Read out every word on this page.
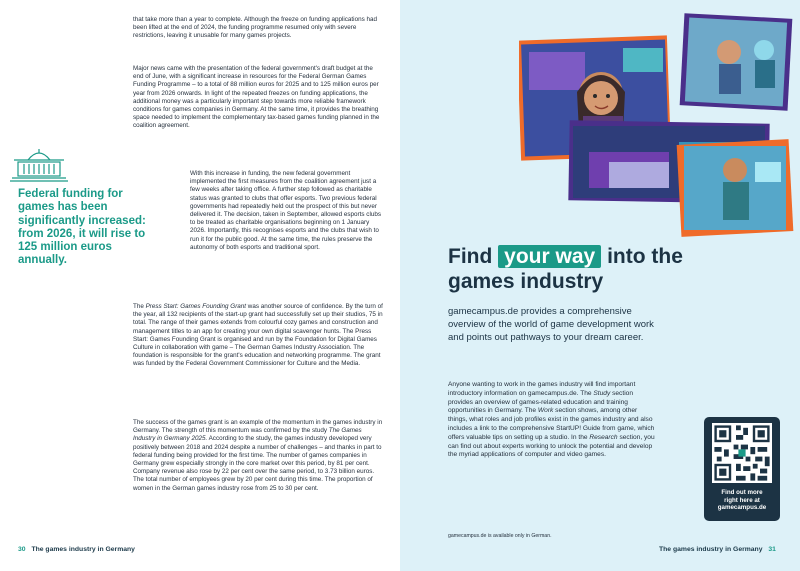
that take more than a year to complete. Although the freeze on funding applications had been lifted at the end of 2024, the funding programme resumed only with severe restrictions, leaving it unusable for many games projects.

Major news came with the presentation of the federal government's draft budget at the end of June, with a significant increase in resources for the Federal German Games Funding Programme – to a total of 88 million euros for 2025 and to 125 million euros per year from 2026 onwards. In light of the repeated freezes on funding applications, the additional money was a particularly important step towards more reliable framework conditions for games companies in Germany. At the same time, it provides the breathing space needed to implement the complementary tax-based games funding planned in the coalition agreement.

Federal funding for games has been significantly increased: from 2026, it will rise to 125 million euros annually.

With this increase in funding, the new federal government implemented the first measures from the coalition agreement just a few weeks after taking office. A further step followed as charitable status was granted to clubs that offer esports. Two previous federal governments had repeatedly held out the prospect of this but never delivered it. The decision, taken in September, allowed esports clubs to be treated as charitable organisations beginning on 1 January 2026. Importantly, this recognises esports and the clubs that wish to run it for the public good. At the same time, the rules preserve the autonomy of both esports and traditional sport.

The Press Start: Games Founding Grant was another source of confidence. By the turn of the year, all 132 recipients of the start-up grant had successfully set up their studios, 75 in total. The range of their games extends from colourful cozy games and construction and management titles to an app for creating your own digital scavenger hunts. The Press Start: Games Founding Grant is organised and run by the Foundation for Digital Games Culture in collaboration with game – The German Games Industry Association. The foundation is responsible for the grant's education and networking programme. The grant was funded by the Federal Government Commissioner for Culture and the Media.

The success of the games grant is an example of the momentum in the games industry in Germany. The strength of this momentum was confirmed by the study The Games Industry in Germany 2025. According to the study, the games industry developed very positively between 2018 and 2024 despite a number of challenges – and thanks in part to federal funding being provided for the first time. The number of games companies in Germany grew especially strongly in the core market over this period, by 81 per cent. Company revenue also rose by 22 per cent over the same period, to 3.73 billion euros. The total number of employees grew by 20 per cent during this time. The proportion of women in the German games industry rose from 25 to 30 per cent.

30 The games industry in Germany

Find your way into the games industry

gamecampus.de provides a comprehensive overview of the world of game development work and points out pathways to your dream career.

Anyone wanting to work in the games industry will find important introductory information on gamecampus.de. The Study section provides an overview of games-related education and training opportunities in Germany. The Work section shows, among other things, what roles and job profiles exist in the games industry and also includes a link to the comprehensive StartUP! Guide from game, which offers valuable tips on setting up a studio. In the Research section, you can find out about experts working to unlock the potential and develop the myriad applications of computer and video games.

gamecampus.de is available only in German.
Find out more
right here at
gamecampus.de
The games industry in Germany 31
